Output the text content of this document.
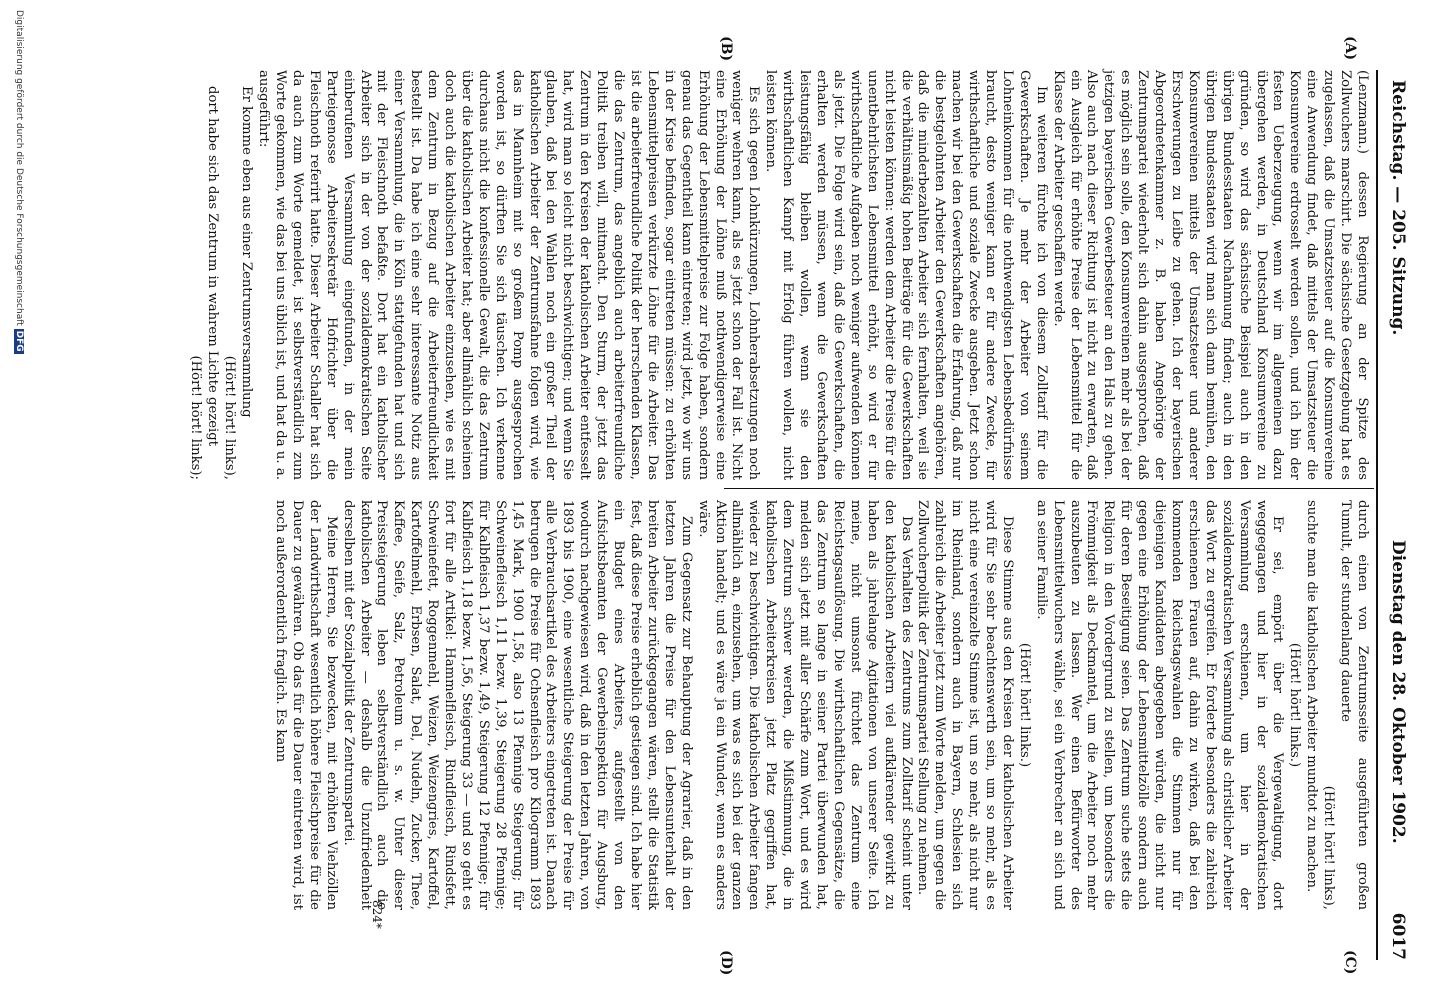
Reichstag. — 205. Sitzung.
Dienstag den 28. Oktober 1902.
6017
(A)
(B)
(C)
(D)

(Lenzmann.) dessen Regierung an der Spitze des Zollwuchers marschirt. Die sächsische Gesetzgebung hat es zugelassen, daß die Umsatzsteuer auf die Konsumvereine eine Anwendung findet, daß mittels der Umsatzsteuer die Konsumvereine erdrosselt werden sollen, und ich bin der festen Ueberzeugung, wenn wir im allgemeinen dazu übergehen werden, in Deutschland Konsumvereine zu gründen, so wird das sächsische Beispiel auch in den übrigen Bundesstaaten Nachahmung finden; auch in den übrigen Bundesstaaten wird man sich dann bemühen, den Konsumvereinen mittels der Umsatzsteuer und anderer Erschwerungen zu Leibe zu gehen. Ich der bayerischen Abgeordnetenkammer z. B. haben Angehörige der Zentrumspartei wiederholt sich dahin ausgesprochen, daß es möglich sein solle, den Konsumvereinen mehr als bei der jetzigen bayerischen Gewerbesteuer an den Hals zu gehen. Also auch nach dieser Richtung ist nicht zu erwarten, daß ein Ausgleich für erhöhte Preise der Lebensmittel für die Klasse der Arbeiter geschaffen werde.

Im weiteren fürchte ich von diesem Zolltarif für die Gewerkschaften. Je mehr der Arbeiter von seinem Lohneinkommen für die nothwendigsten Lebensbedürfnisse braucht, desto weniger kann er für andere Zwecke, für wirthschaftliche und soziale Zwecke ausgeben. Jetzt schon machen wir bei den Gewerkschaften die Erfahrung, daß nur die bestgelohnten Arbeiter den Gewerkschaften angehören, daß die minderbezahlten Arbeiter sich fernhalten, weil sie die verhältnismäßig hohen Beiträge für die Gewerkschaften nicht leisten können: werden dem Arbeiter die Preise für die unentbehrlichsten Lebensmittel erhöht, so wird er für wirthschaftliche Aufgaben noch weniger aufwenden können als jetzt. Die Folge wird sein, daß die Gewerkschaften, die erhalten werden müssen, wenn die Gewerkschaften leistungsfähig bleiben wollen, wenn sie den wirthschaftlichen Kampf mit Erfolg führen wollen, nicht leisten können.

Es sich gegen Lohnkürzungen, Lohnherabsetzungen noch weniger wehren kann, als es jetzt schon der Fall ist. Nicht eine Erhöhung der Löhne muß nothwendigerweise eine Erhöhung der Lebensmittelpreise zur Folge haben, sondern genau das Gegentheil kann eintreten; wird jetzt, wo wir uns in der Krise befinden, sogar eintreten müssen: zu erhöhten Lebensmittelpreisen verkürzte Löhne für die Arbeiter. Das ist die arbeiterfreundliche Politik der herrschenden Klassen, die das Zentrum, das angeblich auch arbeiterfreundliche Politik treiben will, mitmacht. Den Sturm, der jetzt das Zentrum in den Kreisen der katholischen Arbeiter entfesselt hat, wird man so leicht nicht beschwichtigen; und wenn Sie glauben, daß bei den Wahlen noch ein großer Theil der katholischen Arbeiter der Zentrumsfahne folgen wird, wie das in Mannheim mit so großem Pomp ausgesprochen worden ist, so dürften Sie sich täuschen. Ich verkenne durchaus nicht die konfessionelle Gewalt, die das Zentrum über die katholischen Arbeiter hat; aber allmählich scheinen doch auch die katholischen Arbeiter einzusehen, wie es mit dem Zentrum in Bezug auf die Arbeiterfreundlichkeit bestellt ist. Da habe ich eine sehr interessante Notiz aus einer Versammlung, die in Köln stattgefunden hat und sich mit der Fleischnoth befaßte. Dort hat ein katholischer Arbeiter sich in der von der sozialdemokratischen Seite einberufenen Versammlung eingefunden, in der mein Parteigenosse Arbeitersekretär Hofrichter über die Fleischnoth referirt hatte. Dieser Arbeiter Schaller hat sich da auch zum Worte gemeldet, ist selbstverständlich zum Worte gekommen, wie das bei uns üblich ist, und hat da u. a. ausgeführt:

Er komme eben aus einer Zentrumsversammlung

(Hört! hört! links),

dort habe sich das Zentrum in wahrem Lichte gezeigt

(Hört! hört! links);

durch einen von Zentrumsseite ausgeführten großen Tumult, der stundenlang dauerte

(Hört! hört! links),

suchte man die katholischen Arbeiter mundtot zu machen.

(Hört! hört! links.)

Er sei, empört über die Vergewaltigung, dort weggegangen und hier in der sozialdemokratischen Versammlung erschienen, um hier in der sozialdemokratischen Versammlung als christlicher Arbeiter das Wort zu ergreifen. Er forderte besonders die zahlreich erschienenen Frauen auf, dahin zu wirken, daß bei den kommenden Reichstagswahlen die Stimmen nur für diejenigen Kandidaten abgegeben würden, die nicht nur gegen eine Erhöhung der Lebensmittelzölle sondern auch für deren Beseitigung seien. Das Zentrum suche stets die Religion in den Vordergrund zu stellen, um besonders die Frömmigkeit als Deckmantel, um die Arbeiter noch mehr auszubeuten zu lassen. Wer einen Befürworter des Lebensmittelwuchers wähle, sei ein Verbrecher an sich und an seiner Familie.

(Hört! hört! links.)

Diese Stimme aus den Kreisen der katholischen Arbeiter wird für Sie sehr beachtenswerth sein, um so mehr, als es nicht eine vereinzelte Stimme ist, um so mehr, als nicht nur im Rheinland, sondern auch in Bayern, Schlesien sich zahlreich die Arbeiter jetzt zum Worte melden, um gegen die Zollwucherpolitik der Zentrumspartei Stellung zu nehmen.

Das Verhalten des Zentrums zum Zolltarif scheint unter den katholischen Arbeitern viel aufklärender gewirkt zu haben als jahrelange Agitationen von unserer Seite. Ich meine, nicht umsonst fürchtet das Zentrum eine Reichstagsauflösung. Die wirthschaftlichen Gegensätze, die das Zentrum so lange in seiner Partei überwunden hat, melden sich jetzt mit aller Schärfe zum Wort, und es wird dem Zentrum schwer werden, die Mißstimmung, die in katholischen Arbeiterkreisen jetzt Platz gegriffen hat, wieder zu beschwichtigen. Die katholischen Arbeiter fangen allmählich an, einzusehen, um was es sich bei der ganzen Aktion handelt; und es wäre ja ein Wunder, wenn es anders wäre.

Zum Gegensatz zur Behauptung der Agrarier, daß in den letzten Jahren die Preise für den Lebensunterhalt der breiten Arbeiter zurückgegangen wären, stellt die Statistik fest, daß diese Preise erheblich gestiegen sind. Ich habe hier ein Budget eines Arbeiters, aufgestellt von den Aufsichtsbeamten der Gewerbeinspektion für Augsburg, wodurch nachgewiesen wird, daß in den letzten Jahren, von 1893 bis 1900, eine wesentliche Steigerung der Preise für alle Verbrauchsartikel des Arbeiters eingetreten ist. Danach betrugen die Preise für Ochsenfleisch pro Kilogramm 1893 1,45 Mark, 1900 1,58, also 13 Pfennige Steigerung; für Schweinefleisch 1,11 bezw. 1,39, Steigerung 28 Pfennige; für Kalbfleisch 1,37 bezw. 1,49, Steigerung 12 Pfennige; für Kalbfleisch 1,18 bezw. 1,56, Steigerung 33 — und so geht es fort für alle Artikel: Hammelfleisch, Rindfleisch, Rindsfett, Schweinefett, Roggenmehl, Weizen, Weizengries, Kartoffel, Kartoffelmehl, Erbsen, Salat, Del, Nudeln, Zucker, Thee, Kaffee, Seife, Salz, Petroleum u. s. w. Unter dieser Preissteigerung leben selbstverständlich auch die katholischen Arbeiter — deshalb die Unzufriedenheit derselben mit der Sozialpolitik der Zentrumspartei.

Meine Herren, Sie bezwecken, mit erhöhten Viehzöllen der Landwirthschaft wesentlich höhere Fleischpreise für die Dauer zu gewähren. Ob das für die Dauer eintreten wird, ist noch außerordentlich fraglich. Es kann

824*
Digitalisierung gefördert durch die Deutsche Forschungsgemeinschaft DFG
